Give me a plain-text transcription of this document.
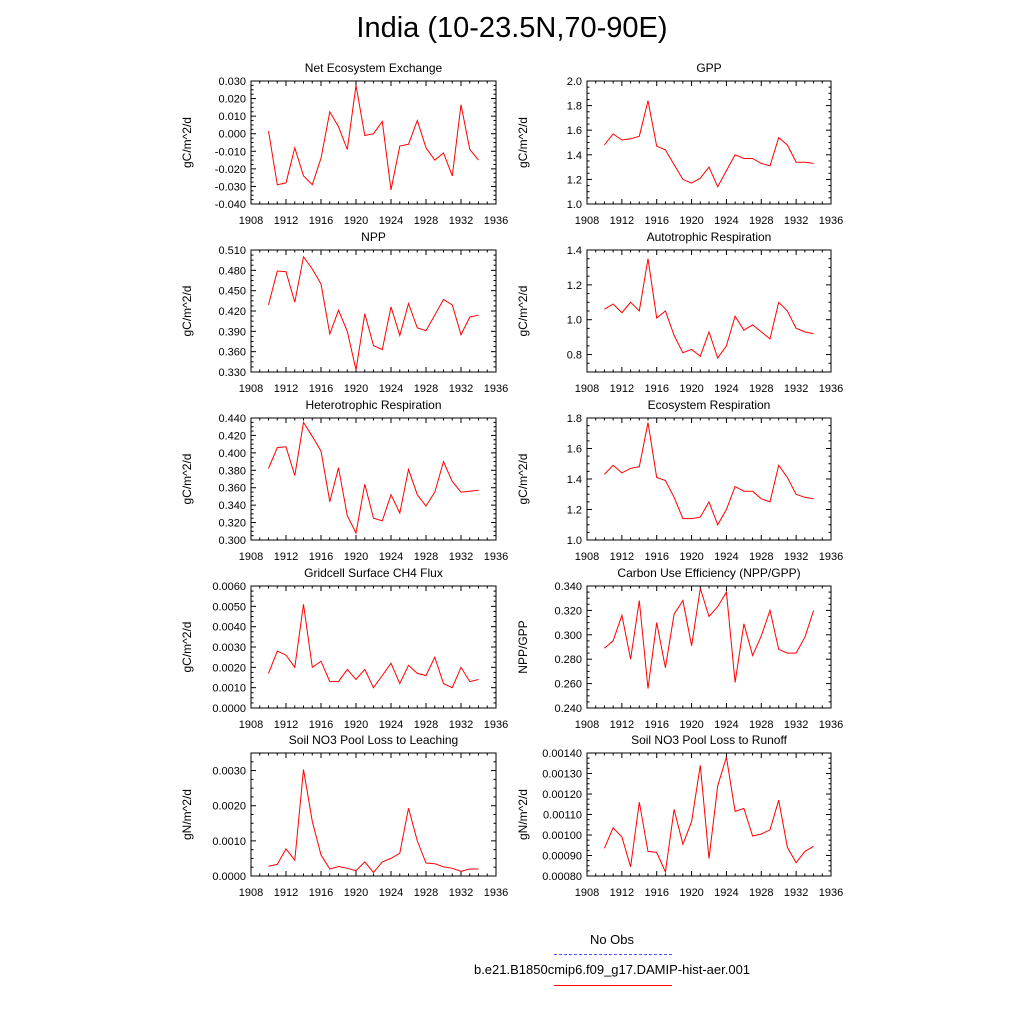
India (10-23.5N,70-90E)
1908 1912 1916 1920 1924 1928 1932 1936
-0.040
-0.030
-0.020
-0.010
0.000
0.010
0.020
0.030
Net Ecosystem Exchange
gC/m^2/d
1908 1912 1916 1920 1924 1928 1932 1936
1.0
1.2
1.4
1.6
1.8
2.0
GPP
gC/m^2/d
1908 1912 1916 1920 1924 1928 1932 1936
0.330
0.360
0.390
0.420
0.450
0.480
0.510
NPP
gC/m^2/d
1908 1912 1916 1920 1924 1928 1932 1936
0.8
1.0
1.2
1.4
Autotrophic Respiration
gC/m^2/d
1908 1912 1916 1920 1924 1928 1932 1936
0.300
0.320
0.340
0.360
0.380
0.400
0.420
0.440
Heterotrophic Respiration
gC/m^2/d
1908 1912 1916 1920 1924 1928 1932 1936
1.0
1.2
1.4
1.6
1.8
Ecosystem Respiration
gC/m^2/d
1908 1912 1916 1920 1924 1928 1932 1936
0.0000
0.0010
0.0020
0.0030
0.0040
0.0050
0.0060
Gridcell Surface CH4 Flux
gC/m^2/d
1908 1912 1916 1920 1924 1928 1932 1936
0.240
0.260
0.280
0.300
0.320
0.340
Carbon Use Efficiency (NPP/GPP)
NPP/GPP
1908 1912 1916 1920 1924 1928 1932 1936
0.0000
0.0010
0.0020
0.0030
Soil NO3 Pool Loss to Leaching
gN/m^2/d
1908 1912 1916 1920 1924 1928 1932 1936
0.00080
0.00090
0.00100
0.00110
0.00120
0.00130
0.00140
Soil NO3 Pool Loss to Runoff
gN/m^2/d
No Obs
b.e21.B1850cmip6.f09_g17.DAMIP-hist-aer.001
